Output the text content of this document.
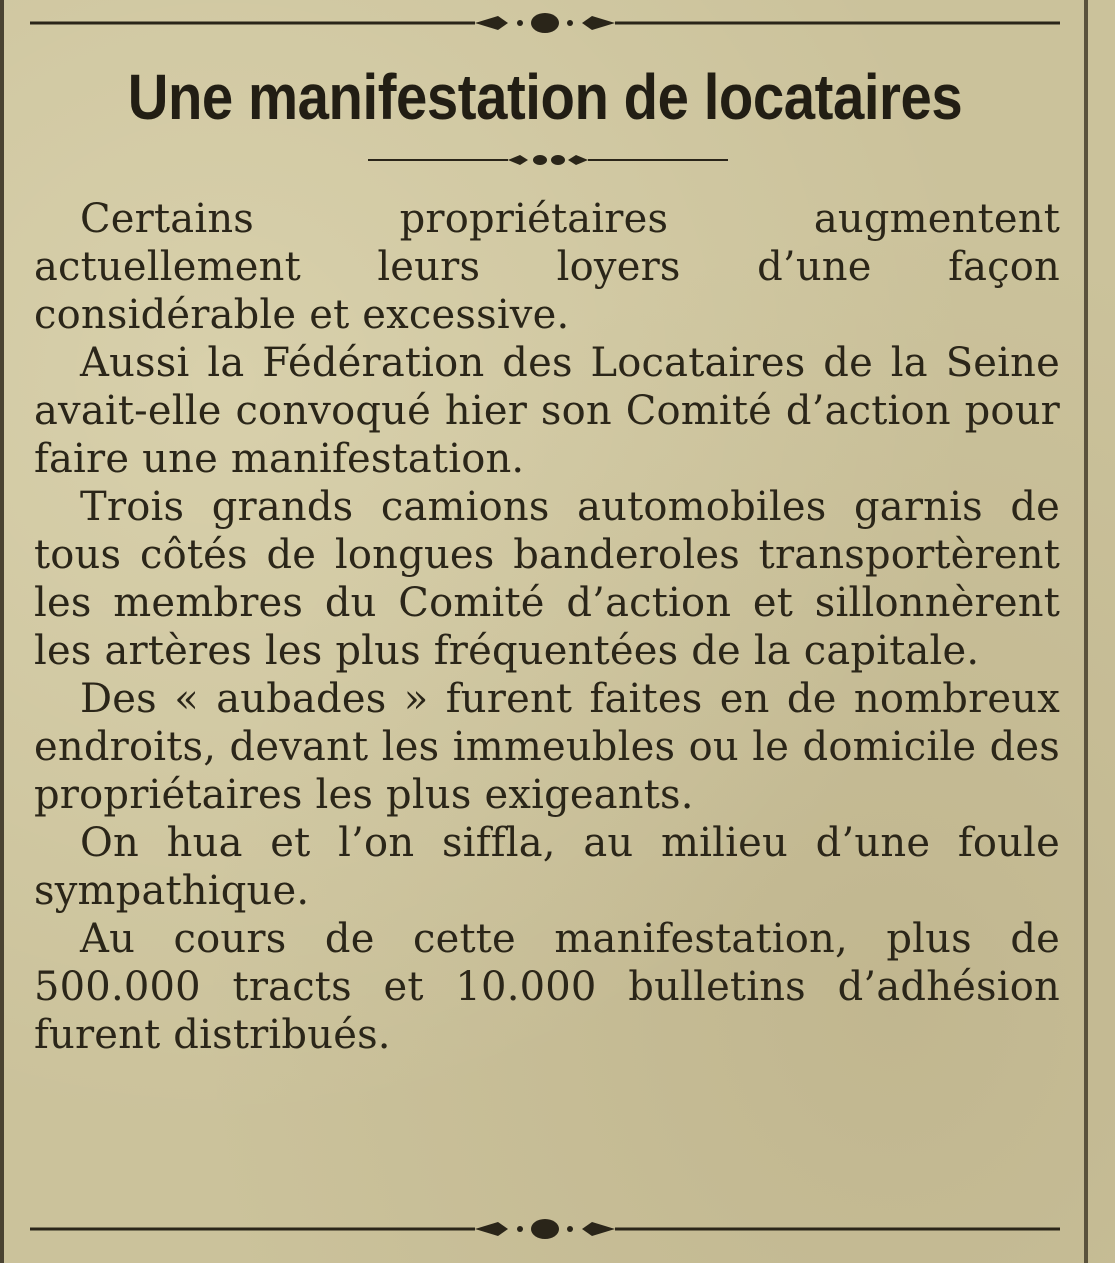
Une manifestation de locataires

Certains propriétaires augmentent actuellement leurs loyers d’une façon considérable et excessive.

Aussi la Fédération des Locataires de la Seine avait-elle convoqué hier son Comité d’action pour faire une manifestation.

Trois grands camions automobiles garnis de tous côtés de longues banderoles transportèrent les membres du Comité d’action et sillonnèrent les artères les plus fréquentées de la capitale.

Des « aubades » furent faites en de nombreux endroits, devant les immeubles ou le domicile des propriétaires les plus exigeants.

On hua et l’on siffla, au milieu d’une foule sympathique.

Au cours de cette manifestation, plus de 500.000 tracts et 10.000 bulletins d’adhésion furent distribués.
